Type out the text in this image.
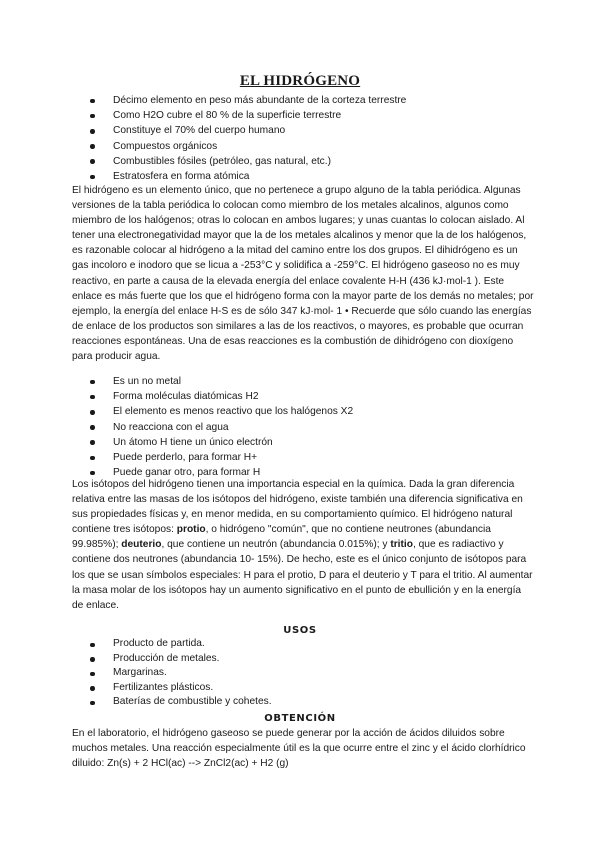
EL HIDRÓGENO
Décimo elemento en peso más abundante de la corteza terrestre
Como H2O cubre el 80 % de la superficie terrestre
Constituye el 70% del cuerpo humano
Compuestos orgánicos
Combustibles fósiles (petróleo, gas natural, etc.)
Estratosfera en forma atómica

El hidrógeno es un elemento único, que no pertenece a grupo alguno de la tabla periódica. Algunas versiones de la tabla periódica lo colocan como miembro de los metales alcalinos, algunos como miembro de los halógenos; otras lo colocan en ambos lugares; y unas cuantas lo colocan aislado. Al tener una electronegatividad mayor que la de los metales alcalinos y menor que la de los halógenos, es razonable colocar al hidrógeno a la mitad del camino entre los dos grupos. El dihidrógeno es un gas incoloro e inodoro que se licua a -253°C y solidifica a -259°C. El hidrógeno gaseoso no es muy reactivo, en parte a causa de la elevada energía del enlace covalente H-H (436 kJ·mol-1 ). Este enlace es más fuerte que los que el hidrógeno forma con la mayor parte de los demás no metales; por ejemplo, la energía del enlace H-S es de sólo 347 kJ·mol- 1 • Recuerde que sólo cuando las energías de enlace de los productos son similares a las de los reactivos, o mayores, es probable que ocurran reacciones espontáneas. Una de esas reacciones es la combustión de dihidrógeno con dioxígeno para producir agua.

Es un no metal
Forma moléculas diatómicas H2
El elemento es menos reactivo que los halógenos X2
No reacciona con el agua
Un átomo H tiene un único electrón
Puede perderlo, para formar H+
Puede ganar otro, para formar H

Los isótopos del hidrógeno tienen una importancia especial en la química. Dada la gran diferencia relativa entre las masas de los isótopos del hidrógeno, existe también una diferencia significativa en sus propiedades físicas y, en menor medida, en su comportamiento químico. El hidrógeno natural contiene tres isótopos: protio, o hidrógeno "común", que no contiene neutrones (abundancia 99.985%); deuterio, que contiene un neutrón (abundancia 0.015%); y tritio, que es radiactivo y contiene dos neutrones (abundancia 10- 15%). De hecho, este es el único conjunto de isótopos para los que se usan símbolos especiales: H para el protio, D para el deuterio y T para el tritio. Al aumentar la masa molar de los isótopos hay un aumento significativo en el punto de ebullición y en la energía de enlace.

USOS
Producto de partida.
Producción de metales.
Margarinas.
Fertilizantes plásticos.
Baterías de combustible y cohetes.
OBTENCIÓN

En el laboratorio, el hidrógeno gaseoso se puede generar por la acción de ácidos diluidos sobre muchos metales. Una reacción especialmente útil es la que ocurre entre el zinc y el ácido clorhídrico diluido: Zn(s) + 2 HCl(ac) --> ZnCl2(ac) + H2 (g)
